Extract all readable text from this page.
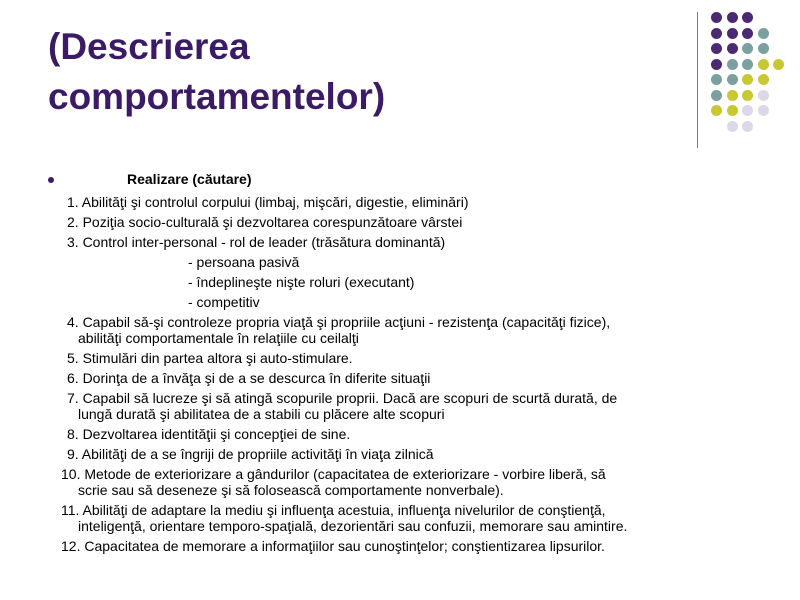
(Descrierea
comportamentelor)
Realizare (căutare)
1. Abilităţi şi controlul corpului (limbaj, mişcări, digestie, eliminări)
2. Poziţia socio-culturală şi dezvoltarea corespunzătoare vârstei
3. Control inter-personal - rol de leader (trăsătura dominantă)
- persoana pasivă
- îndeplineşte nişte roluri (executant)
- competitiv
4. Capabil să-şi controleze propria viaţă şi propriile acţiuni - rezistenţa (capacităţi fizice),
abilităţi comportamentale în relaţiile cu ceilalţi
5. Stimulări din partea altora şi auto-stimulare.
6. Dorinţa de a învăţa şi de a se descurca în diferite situaţii
7. Capabil să lucreze şi să atingă scopurile proprii. Dacă are scopuri de scurtă durată, de
lungă durată şi abilitatea de a stabili cu plăcere alte scopuri
8. Dezvoltarea identităţii şi concepţiei de sine.
9. Abilităţi de a se îngriji de propriile activităţi în viaţa zilnică
10. Metode de exteriorizare a gândurilor (capacitatea de exteriorizare - vorbire liberă, să
scrie sau să deseneze şi să folosească comportamente nonverbale).
11. Abilităţi de adaptare la mediu şi influenţa acestuia, influenţa nivelurilor de conştienţă,
inteligenţă, orientare temporo-spaţială, dezorientări sau confuzii, memorare sau amintire.
12. Capacitatea de memorare a informaţiilor sau cunoştinţelor; conştientizarea lipsurilor.
